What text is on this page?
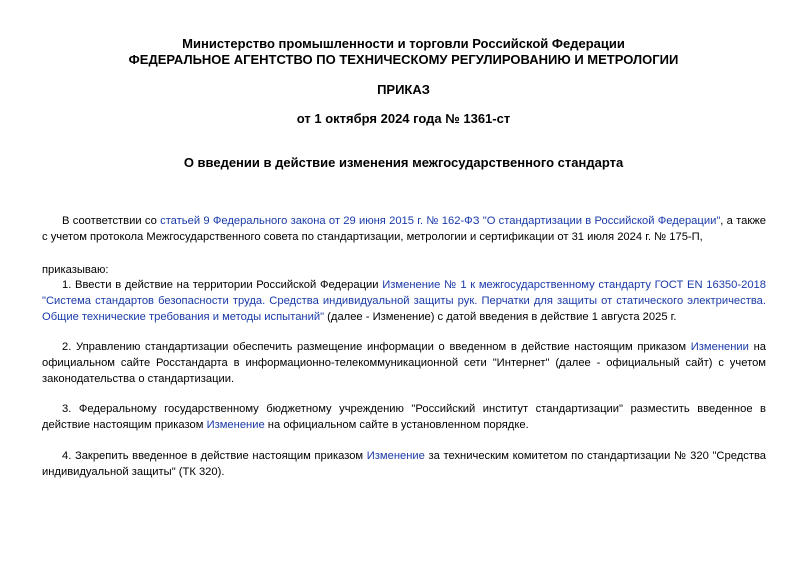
Министерство промышленности и торговли Российской Федерации
ФЕДЕРАЛЬНОЕ АГЕНТСТВО ПО ТЕХНИЧЕСКОМУ РЕГУЛИРОВАНИЮ И МЕТРОЛОГИИ
ПРИКАЗ
от 1 октября 2024 года № 1361-ст
О введении в действие изменения межгосударственного стандарта

В соответствии со статьей 9 Федерального закона от 29 июня 2015 г. № 162-ФЗ "О стандартизации в Российской Федерации", а также с учетом протокола Межгосударственного совета по стандартизации, метрологии и сертификации от 31 июля 2024 г. № 175-П,

приказываю:

1. Ввести в действие на территории Российской Федерации Изменение № 1 к межгосударственному стандарту ГОСТ EN 16350-2018 "Система стандартов безопасности труда. Средства индивидуальной защиты рук. Перчатки для защиты от статического электричества. Общие технические требования и методы испытаний" (далее - Изменение) с датой введения в действие 1 августа 2025 г.

2. Управлению стандартизации обеспечить размещение информации о введенном в действие настоящим приказом Изменении на официальном сайте Росстандарта в информационно-телекоммуникационной сети "Интернет" (далее - официальный сайт) с учетом законодательства о стандартизации.

3. Федеральному государственному бюджетному учреждению "Российский институт стандартизации" разместить введенное в действие настоящим приказом Изменение на официальном сайте в установленном порядке.

4. Закрепить введенное в действие настоящим приказом Изменение за техническим комитетом по стандартизации № 320 "Средства индивидуальной защиты" (ТК 320).
